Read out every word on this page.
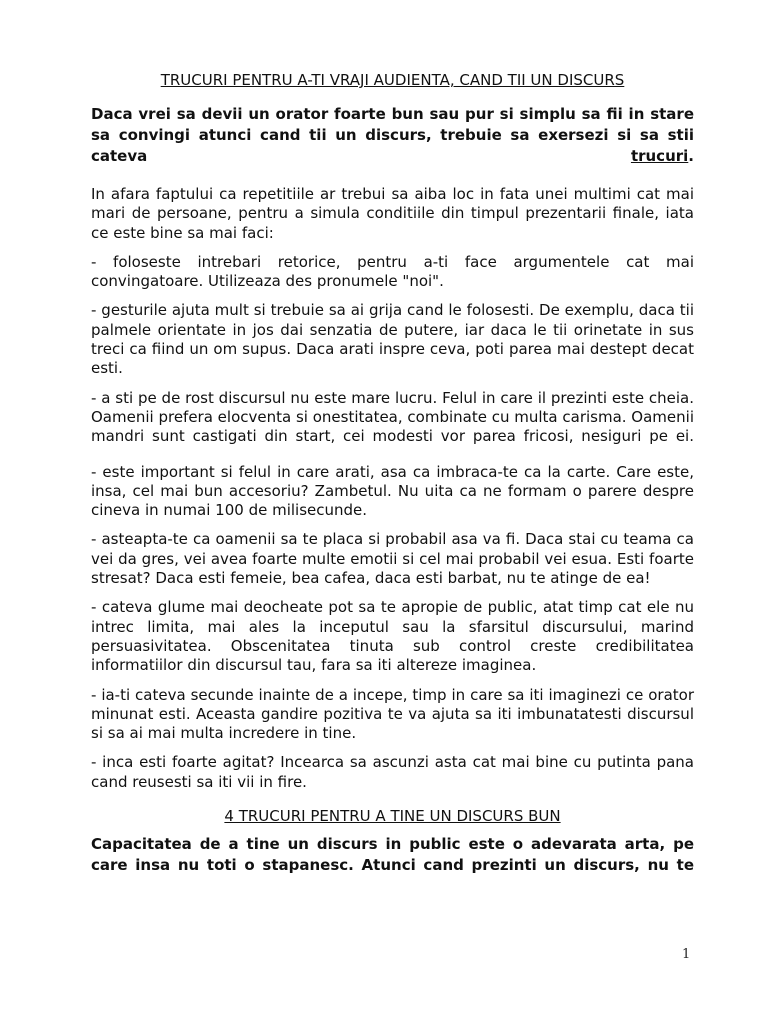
TRUCURI PENTRU A-TI VRAJI AUDIENTA, CAND TII UN DISCURS

Daca vrei sa devii un orator foarte bun sau pur si simplu sa fii in stare sa convingi atunci cand tii un discurs, trebuie sa exersezi si sa stii cateva trucuri.

In afara faptului ca repetitiile ar trebui sa aiba loc in fata unei multimi cat mai mari de persoane, pentru a simula conditiile din timpul prezentarii finale, iata ce este bine sa mai faci:

- foloseste intrebari retorice, pentru a-ti face argumentele cat mai convingatoare. Utilizeaza des pronumele "noi".

- gesturile ajuta mult si trebuie sa ai grija cand le folosesti. De exemplu, daca tii palmele orientate in jos dai senzatia de putere, iar daca le tii orinetate in sus treci ca fiind un om supus. Daca arati inspre ceva, poti parea mai destept decat esti.

- a sti pe de rost discursul nu este mare lucru. Felul in care il prezinti este cheia. Oamenii prefera elocventa si onestitatea, combinate cu multa carisma. Oamenii mandri sunt castigati din start, cei modesti vor parea fricosi, nesiguri pe ei.

- este important si felul in care arati, asa ca imbraca-te ca la carte. Care este, insa, cel mai bun accesoriu? Zambetul. Nu uita ca ne formam o parere despre cineva in numai 100 de milisecunde.

- asteapta-te ca oamenii sa te placa si probabil asa va fi. Daca stai cu teama ca vei da gres, vei avea foarte multe emotii si cel mai probabil vei esua. Esti foarte stresat? Daca esti femeie, bea cafea, daca esti barbat, nu te atinge de ea!

- cateva glume mai deocheate pot sa te apropie de public, atat timp cat ele nu intrec limita, mai ales la inceputul sau la sfarsitul discursului, marind persuasivitatea. Obscenitatea tinuta sub control creste credibilitatea informatiilor din discursul tau, fara sa iti altereze imaginea.

- ia-ti cateva secunde inainte de a incepe, timp in care sa iti imaginezi ce orator minunat esti. Aceasta gandire pozitiva te va ajuta sa iti imbunatatesti discursul si sa ai mai multa incredere in tine.

- inca esti foarte agitat? Incearca sa ascunzi asta cat mai bine cu putinta pana cand reusesti sa iti vii in fire.

4 TRUCURI PENTRU A TINE UN DISCURS BUN

Capacitatea de a tine un discurs in public este o adevarata arta, pe care insa nu toti o stapanesc. Atunci cand prezinti un discurs, nu te

1
